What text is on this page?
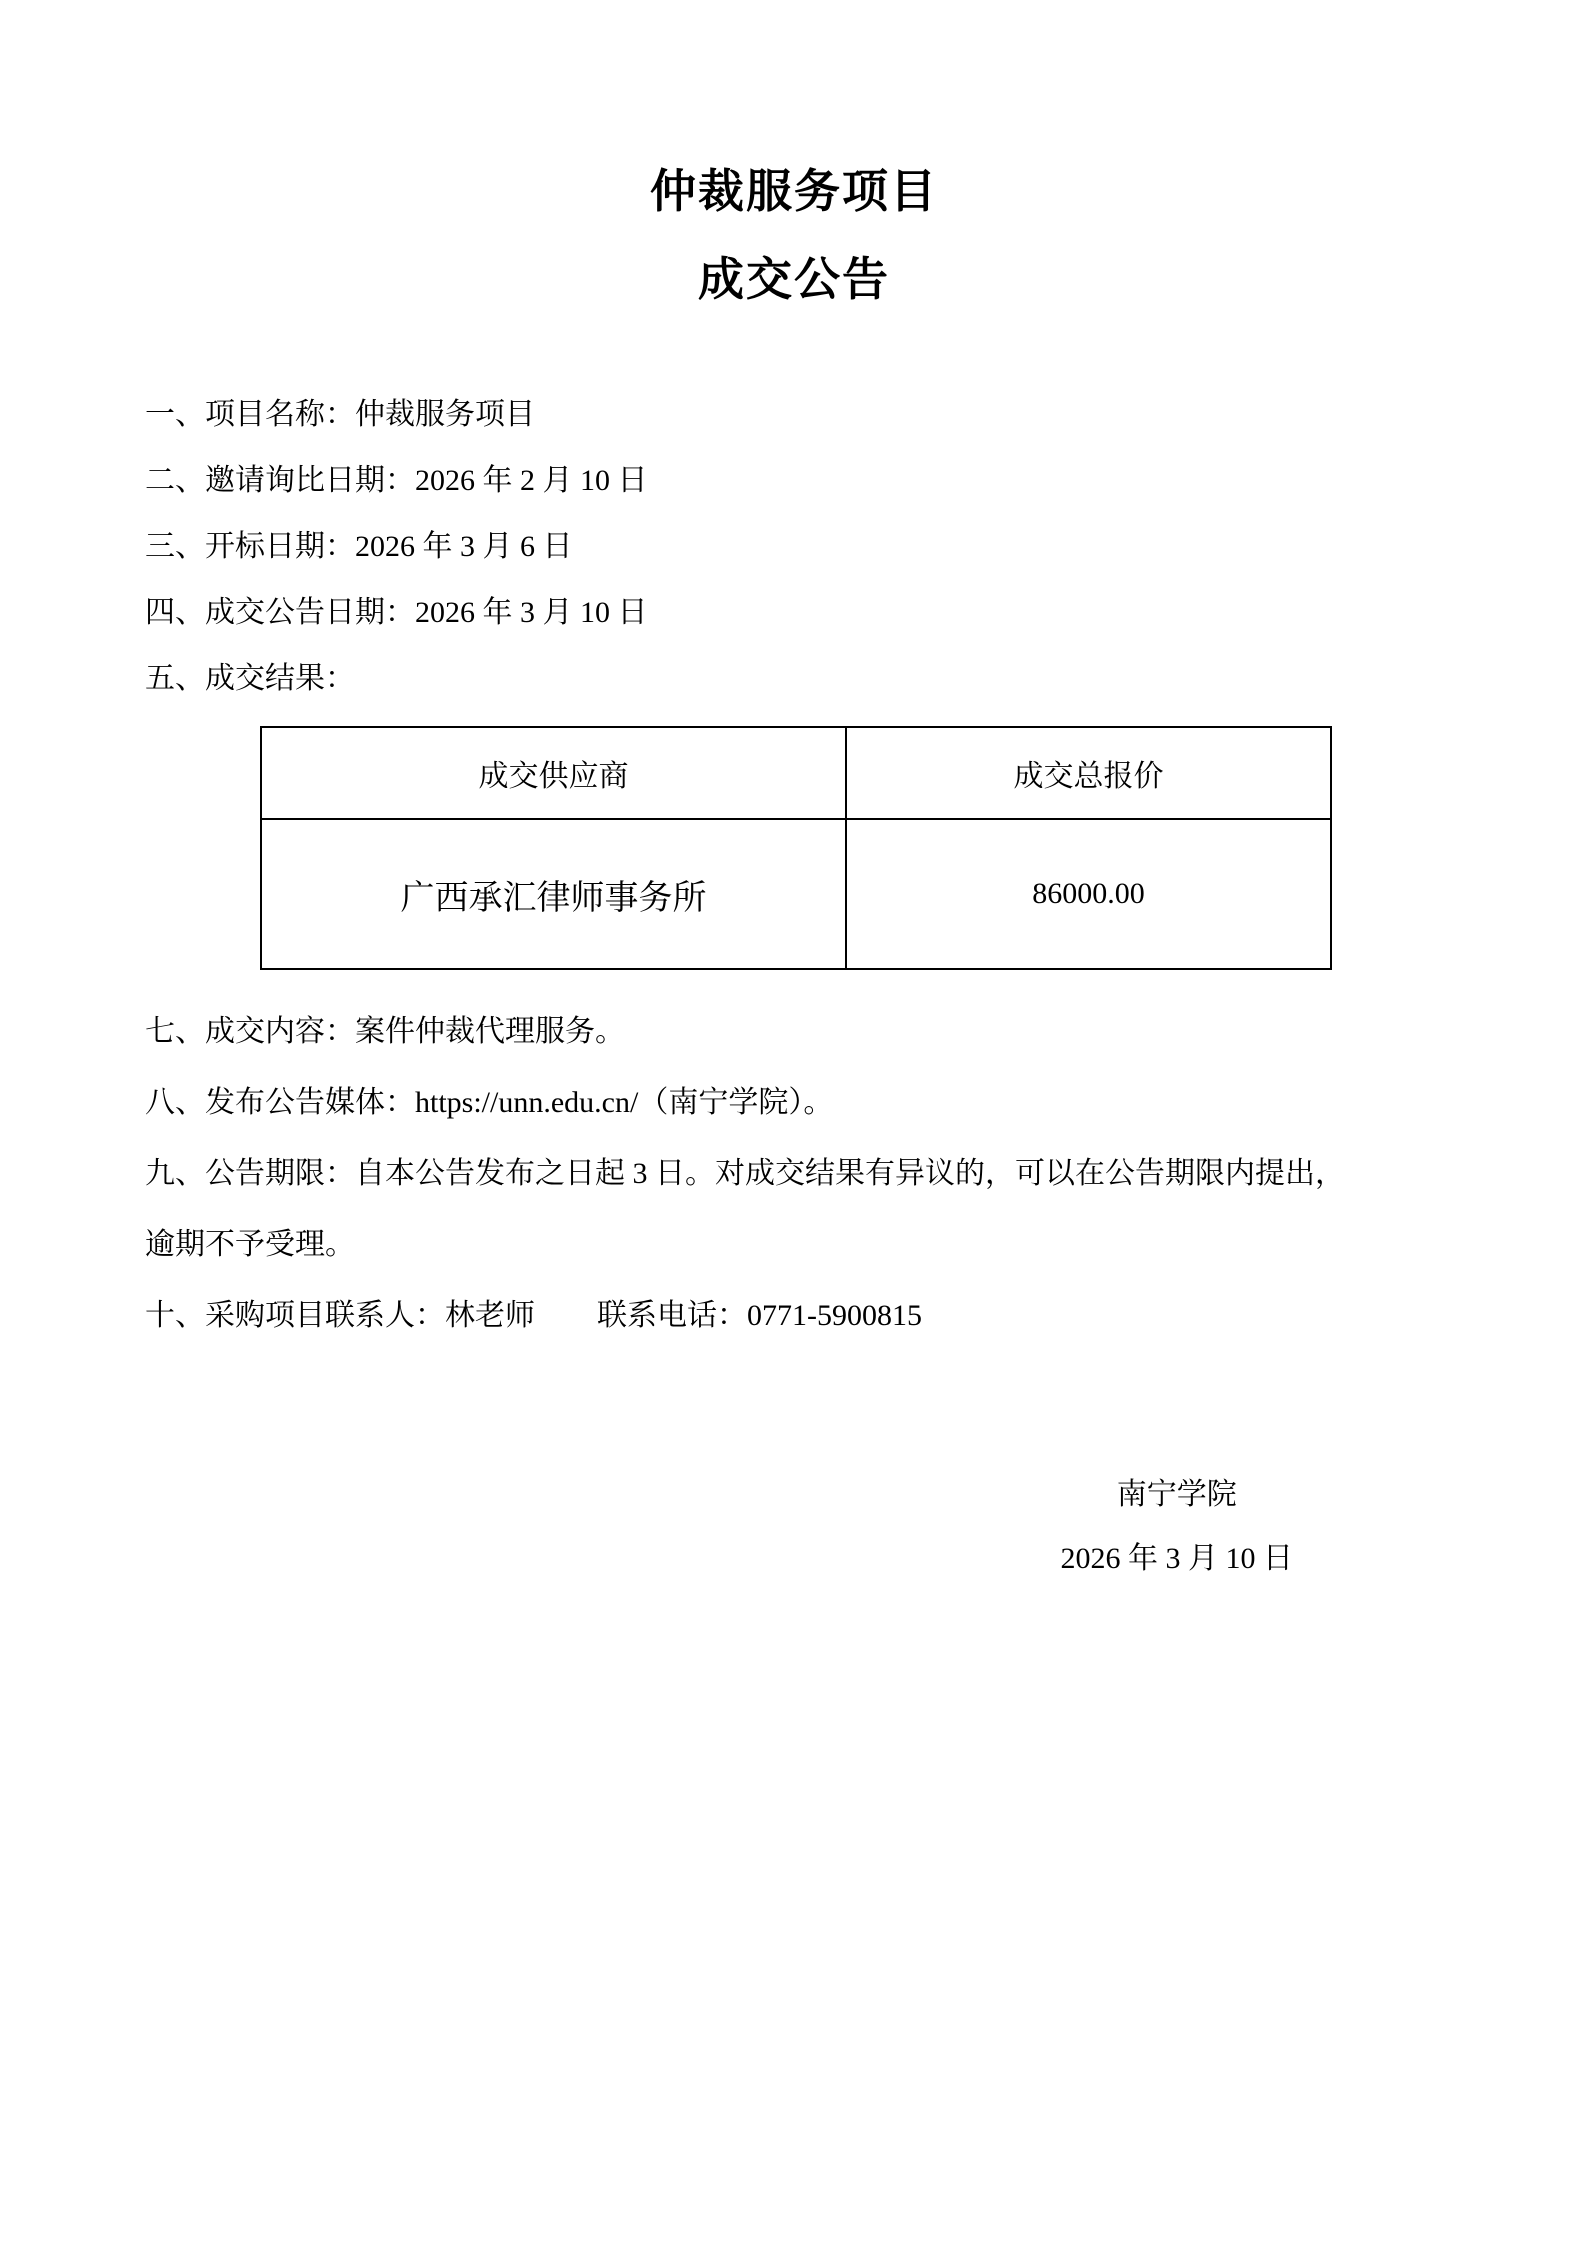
仲裁服务项目
成交公告

一、项目名称：仲裁服务项目

二、邀请询比日期：2026 年 2 月 10 日

三、开标日期：2026 年 3 月 6 日

四、成交公告日期：2026 年 3 月 10 日

五、成交结果：

成交供应商	成交总报价
广西承汇律师事务所	86000.00

七、成交内容：案件仲裁代理服务。

八、发布公告媒体：https://unn.edu.cn/（南宁学院）。

九、公告期限：自本公告发布之日起 3 日。对成交结果有异议的，可以在公告期限内提出，

逾期不予受理。

十、采购项目联系人：林老师 联系电话：0771-5900815

南宁学院

2026 年 3 月 10 日
